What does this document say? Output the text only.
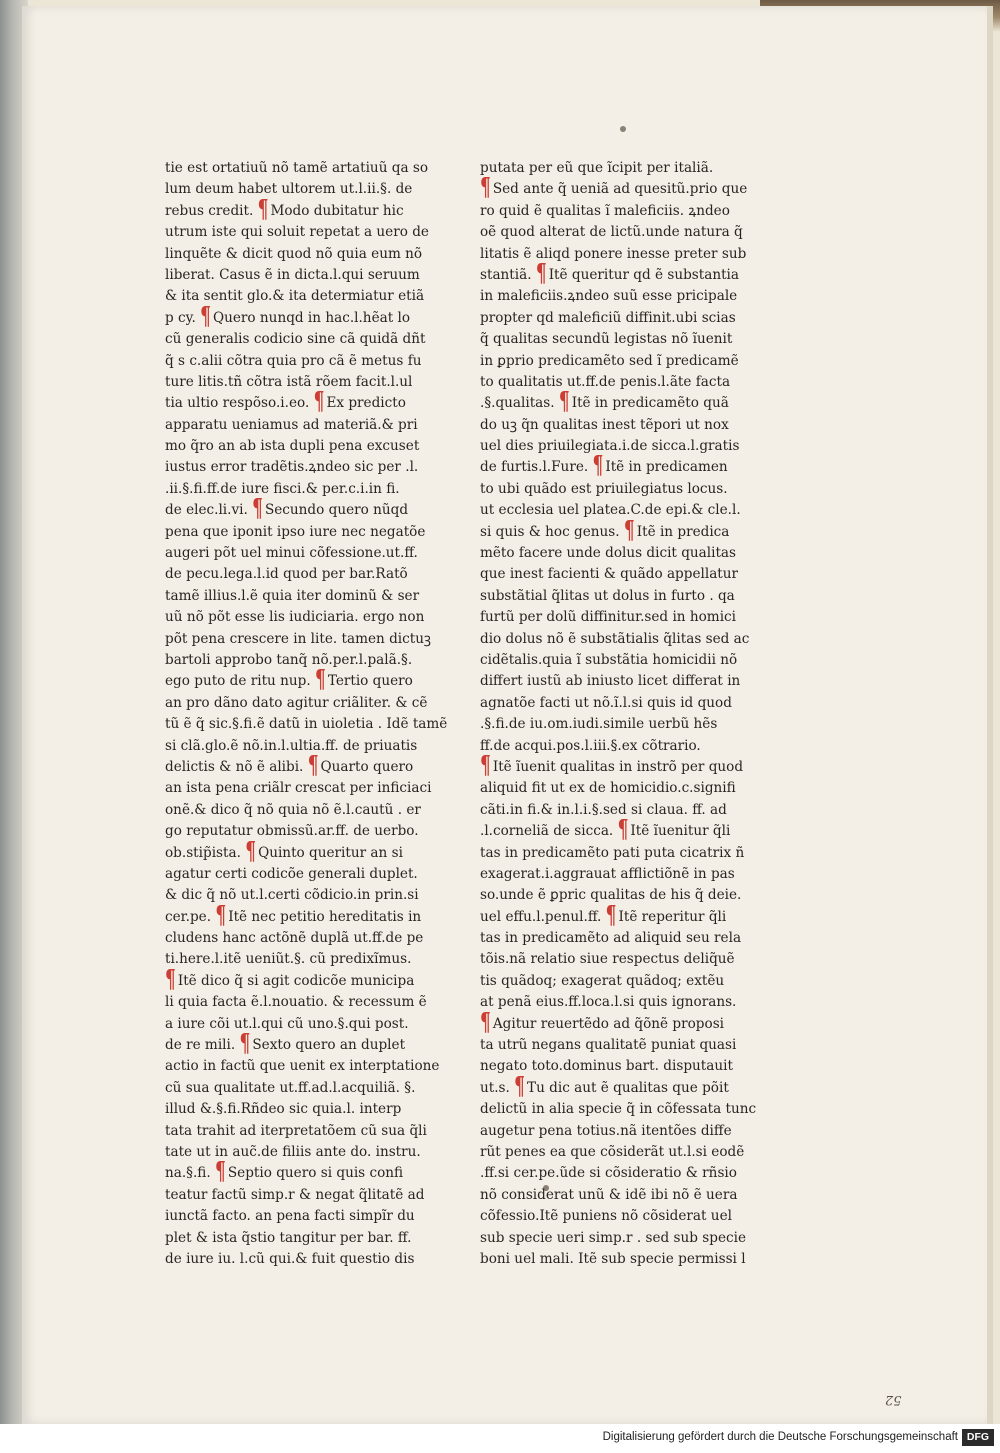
tie est ortatiuũ nõ tamẽ artatiuũ qa so
lum deum habet ultorem ut.l.ii.§. de
rebus credit. ¶ Modo dubitatur hic
utrum iste qui soluit repetat a uero de
linquẽte & dicit quod nõ quia eum nõ
liberat. Casus ẽ in dicta.l.qui seruum
& ita sentit glo.& ita determiatur etiã
p cy. ¶ Quero nunqd in hac.l.hẽat lo
cũ generalis codicio sine cã quidã dñt
q̃ s c.alii cõtra quia pro cã ẽ metus fu
ture litis.tñ cõtra istã rõem facit.l.ul
tia ultio respõso.i.eo. ¶ Ex predicto
apparatu ueniamus ad materiã.& pri
mo q̃ro an ab ista dupli pena excuset
iustus error tradẽtis.ꝝndeo sic per .l.
.ii.§.fi.ff.de iure fisci.& per.c.i.in fi.
de elec.li.vi. ¶ Secundo quero nũqd
pena que iponit ipso iure nec negatõe
augeri põt uel minui cõfessione.ut.ff.
de pecu.lega.l.id quod per bar.Ratõ
tamẽ illius.l.ẽ quia iter dominũ & ser
uũ nõ põt esse lis iudiciaria. ergo non
põt pena crescere in lite. tamen dictuꝫ
bartoli approbo tanq̃ nõ.per.l.palã.§.
ego puto de ritu nup. ¶ Tertio quero
an pro dãno dato agitur criãliter. & cẽ
tũ ẽ q̃ sic.§.fi.ẽ datũ in uioletia . Idẽ tamẽ
si clã.glo.ẽ nõ.in.l.ultia.ff. de priuatis
delictis & nõ ẽ alibi. ¶ Quarto quero
an ista pena criãlr crescat per inficiaci
onẽ.& dico q̃ nõ quia nõ ẽ.l.cautũ . er
go reputatur obmissũ.ar.ff. de uerbo.
ob.stip̃ista. ¶ Quinto queritur an si
agatur certi codicõe generali duplet.
& dic q̃ nõ ut.l.certi cõdicio.in prin.si
cer.pe. ¶ Itẽ nec petitio hereditatis in
cludens hanc actõnẽ duplã ut.ff.de pe
ti.here.l.itẽ ueniũt.§. cũ predixĩmus.
¶ Itẽ dico q̃ si agit codicõe municipa
li quia facta ẽ.l.nouatio. & recessum ẽ
a iure cõi ut.l.qui cũ uno.§.qui post.
de re mili. ¶ Sexto quero an duplet
actio in factũ que uenit ex interptatione
cũ sua qualitate ut.ff.ad.l.acquiliã. §.
illud &.§.fi.Rñdeo sic quia.l. interp
tata trahit ad iterpretatõem cũ sua q̃li
tate ut in auc̃.de filiis ante do. instru.
na.§.fi. ¶ Septio quero si quis confi
teatur factũ simp.r & negat q̃litatẽ ad
iunctã facto. an pena facti simpĩr du
plet & ista q̃stio tangitur per bar. ff.
de iure iu. l.cũ qui.& fuit questio dis
putata per eũ que ĩcipit per italiã.
¶ Sed ante q̃ ueniã ad quesitũ.prio que
ro quid ẽ qualitas ĩ maleficiis. ꝝndeo
oẽ quod alterat de lictũ.unde natura q̃
litatis ẽ aliqd ponere inesse preter sub
stantiã. ¶ Itẽ queritur qd ẽ substantia
in maleficiis.ꝝndeo suũ esse pricipale
propter qd maleficiũ diffinit.ubi scias
q̃ qualitas secundũ legistas nõ ĩuenit
in ꝑprio predicamẽto sed ĩ predicamẽ
to qualitatis ut.ff.de penis.l.ãte facta
.§.qualitas. ¶ Itẽ in predicamẽto quã
do uꝫ q̃n qualitas inest tẽpori ut nox
uel dies priuilegiata.i.de sicca.l.gratis
de furtis.l.Fure. ¶ Itẽ in predicamen
to ubi quãdo est priuilegiatus locus.
ut ecclesia uel platea.C.de epi.& cle.l.
si quis & hoc genus. ¶ Itẽ in predica
mẽto facere unde dolus dicit qualitas
que inest facienti & quãdo appellatur
substãtial q̃litas ut dolus in furto . qa
furtũ per dolũ diffinitur.sed in homici
dio dolus nõ ẽ substãtialis q̃litas sed ac
cidẽtalis.quia ĩ substãtia homicidii nõ
differt iustũ ab iniusto licet differat in
agnatõe facti ut nõ.ĩ.l.si quis id quod
.§.fi.de iu.om.iudi.simile uerbũ hẽs
ff.de acqui.pos.l.iii.§.ex cõtrario.
¶ Itẽ ĩuenit qualitas in instrõ per quod
aliquid fit ut ex de homicidio.c.signifi
cãti.in fi.& in.l.i.§.sed si claua. ff. ad
.l.corneliã de sicca. ¶ Itẽ ĩuenitur q̃li
tas in predicamẽto pati puta cicatrix ñ
exagerat.i.aggrauat afflictiõnẽ in pas
so.unde ẽ ꝑpric qualitas de his q̃ deie.
uel effu.l.penul.ff. ¶ Itẽ reperitur q̃li
tas in predicamẽto ad aliquid seu rela
tõis.nã relatio siue respectus deliq̃uẽ
tis quãdoq; exagerat quãdoq; extẽu
at penã eius.ff.loca.l.si quis ignorans.
¶ Agitur reuertẽdo ad q̃õnẽ proposi
ta utrũ negans qualitatẽ puniat quasi
negato toto.dominus bart. disputauit
ut.s. ¶ Tu dic aut ẽ qualitas que põit
delictũ in alia specie q̃ in cõfessata tunc
augetur pena totius.nã itentões diffe
rũt penes ea que cõsiderãt ut.l.si eodẽ
.ff.si cer.pe.ũde si cõsideratio & rñsio
nõ considerat unũ & idẽ ibi nõ ẽ uera
cõfessio.Itẽ puniens nõ cõsiderat uel
sub specie ueri simp.r . sed sub specie
boni uel mali. Itẽ sub specie permissi l
52
Digitalisierung gefördert durch die Deutsche Forschungsgemeinschaft DFG
